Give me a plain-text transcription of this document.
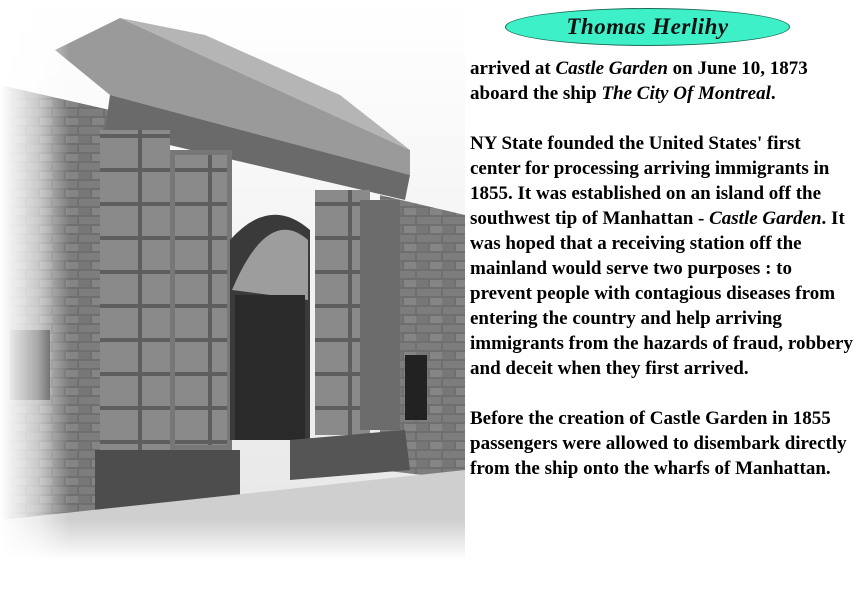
Thomas Herlihy

arrived at Castle Garden on June 10, 1873 aboard the ship The City Of Montreal.

NY State founded the United States' first center for processing arriving immigrants in 1855. It was established on an island off the southwest tip of Manhattan - Castle Garden. It was hoped that a receiving station off the mainland would serve two purposes : to prevent people with contagious diseases from entering the country and help arriving immigrants from the hazards of fraud, robbery and deceit when they first arrived.

Before the creation of Castle Garden in 1855 passengers were allowed to disembark directly from the ship onto the wharfs of Manhattan.
